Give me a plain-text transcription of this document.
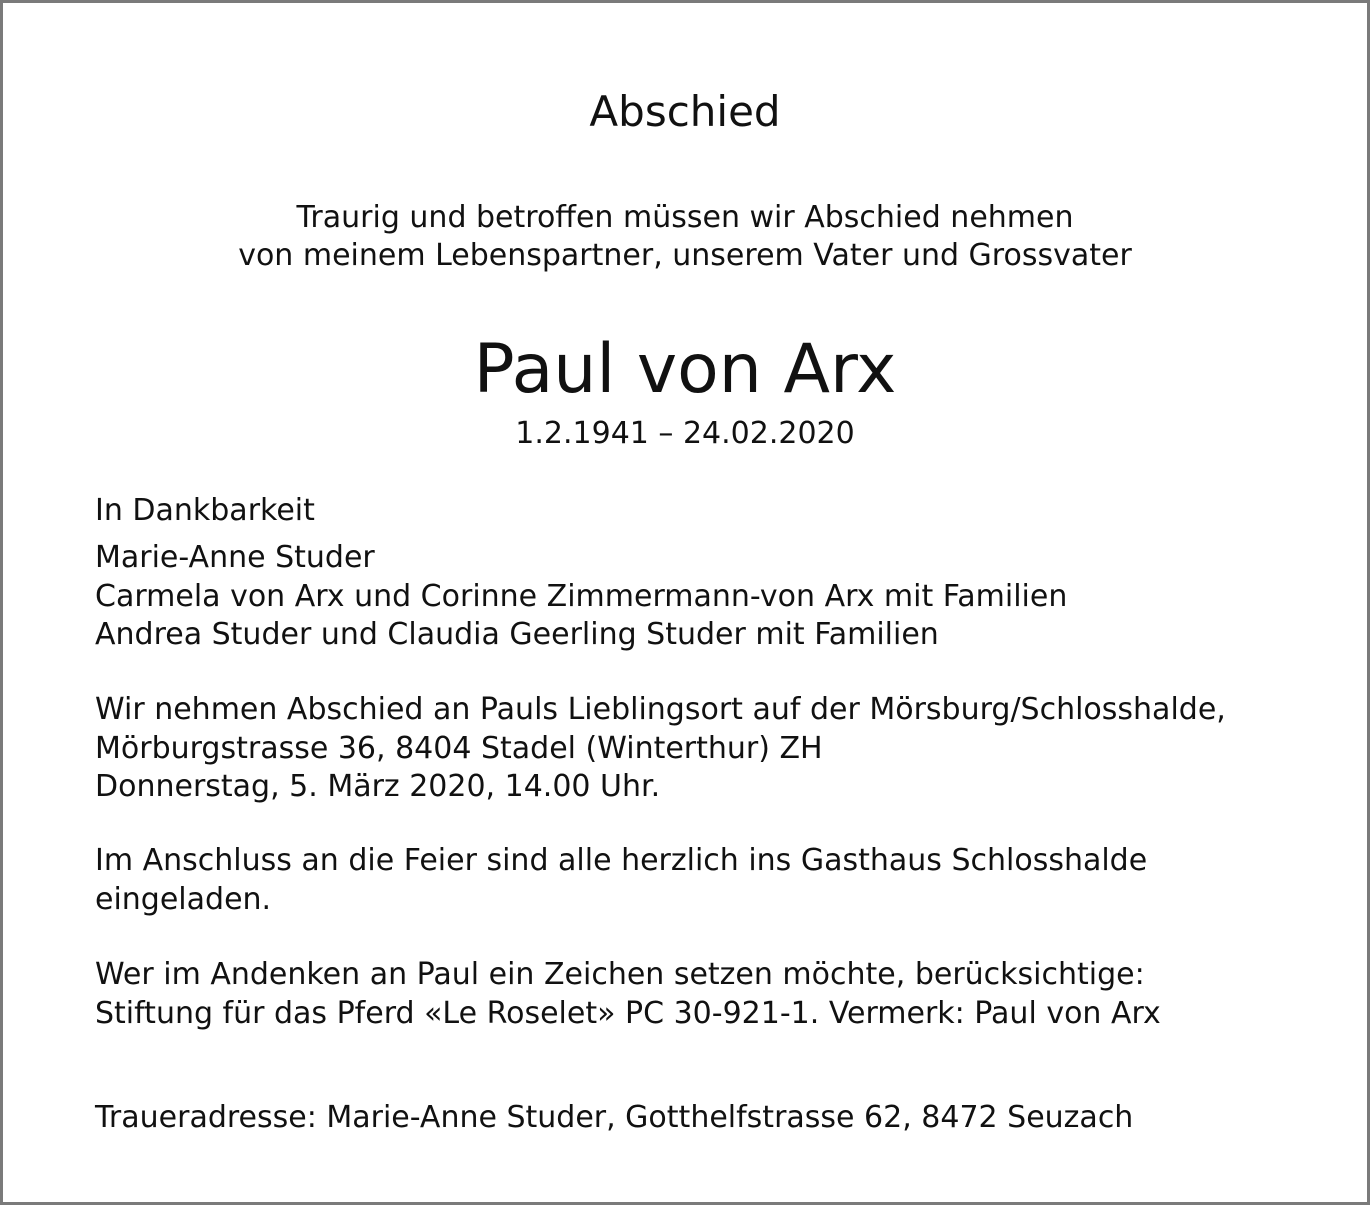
Abschied
Traurig und betroffen müssen wir Abschied nehmen
von meinem Lebenspartner, unserem Vater und Grossvater
Paul von Arx
1.2.1941 – 24.02.2020
In Dankbarkeit
Marie-Anne Studer
Carmela von Arx und Corinne Zimmermann-von Arx mit Familien
Andrea Studer und Claudia Geerling Studer mit Familien
Wir nehmen Abschied an Pauls Lieblingsort auf der Mörsburg/Schlosshalde,
Mörburgstrasse 36, 8404 Stadel (Winterthur) ZH
Donnerstag, 5. März 2020, 14.00 Uhr.
Im Anschluss an die Feier sind alle herzlich ins Gasthaus Schlosshalde
eingeladen.
Wer im Andenken an Paul ein Zeichen setzen möchte, berücksichtige:
Stiftung für das Pferd «Le Roselet» PC 30-921-1. Vermerk: Paul von Arx
Traueradresse: Marie-Anne Studer, Gotthelfstrasse 62, 8472 Seuzach
